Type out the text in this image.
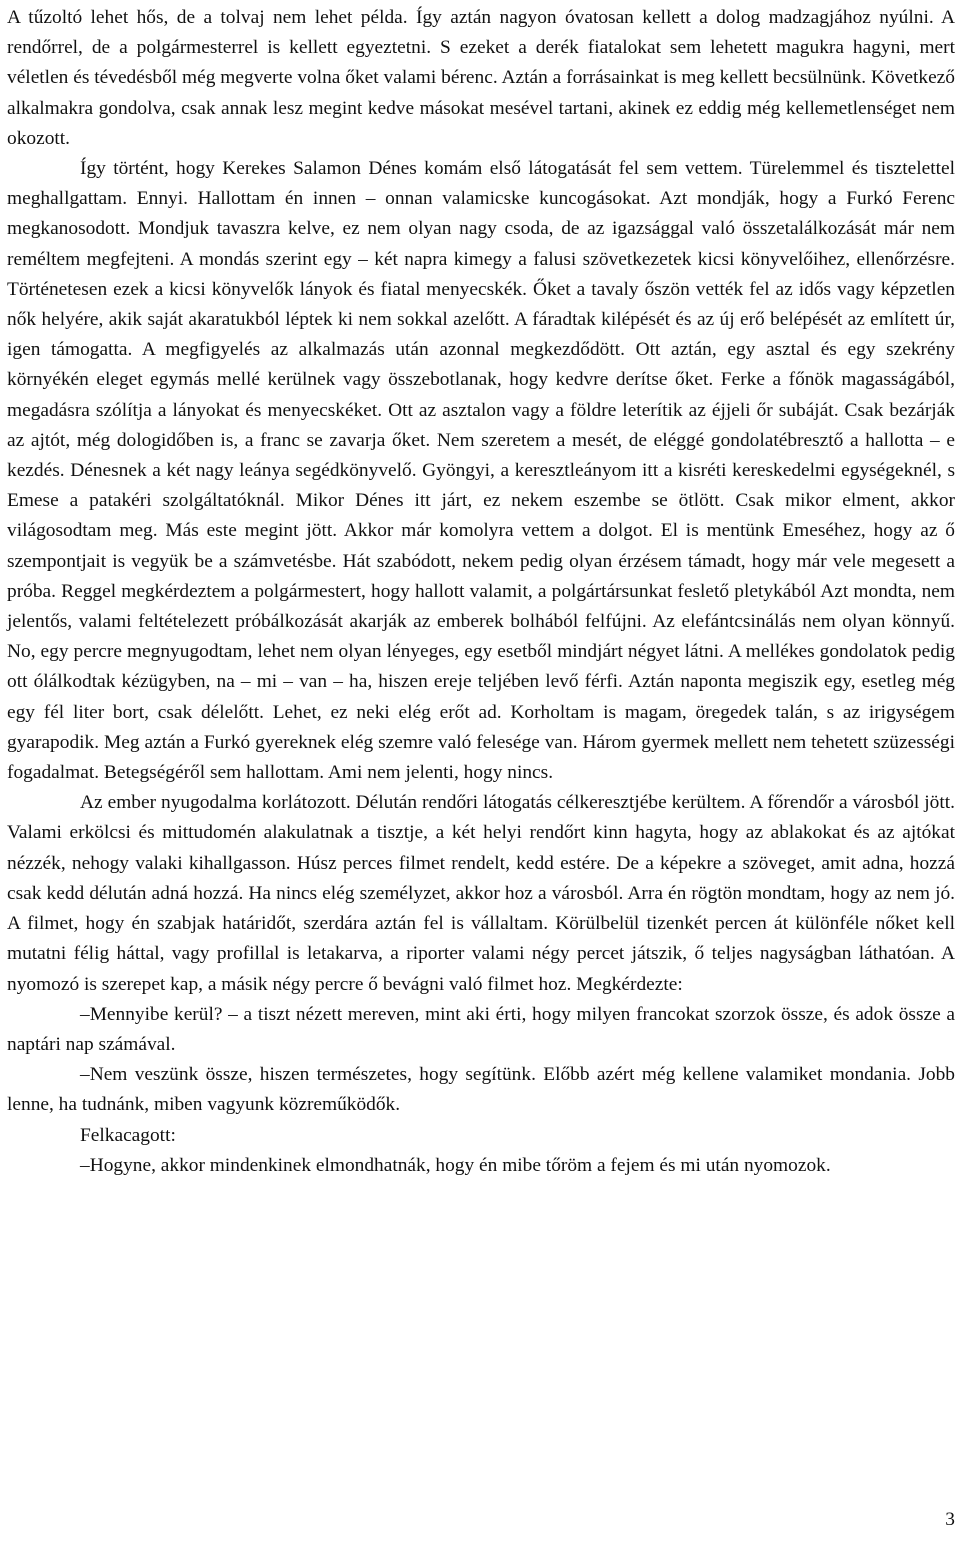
A tűzoltó lehet hős, de a tolvaj nem lehet példa. Így aztán nagyon óvatosan kellett a dolog madzagjához nyúlni. A rendőrrel, de a polgármesterrel is kellett egyeztetni. S ezeket a derék fiatalokat sem lehetett magukra hagyni, mert véletlen és tévedésből még megverte volna őket valami bérenc. Aztán a forrásainkat is meg kellett becsülnünk. Következő alkalmakra gondolva, csak annak lesz megint kedve másokat mesével tartani, akinek ez eddig még kellemetlenséget nem okozott.

Így történt, hogy Kerekes Salamon Dénes komám első látogatását fel sem vettem. Türelemmel és tisztelettel meghallgattam. Ennyi. Hallottam én innen – onnan valamicske kuncogásokat. Azt mondják, hogy a Furkó Ferenc megkanosodott. Mondjuk tavaszra kelve, ez nem olyan nagy csoda, de az igazsággal való összetalálkozását már nem reméltem megfejteni. A mondás szerint egy – két napra kimegy a falusi szövetkezetek kicsi könyvelőihez, ellenőrzésre. Történetesen ezek a kicsi könyvelők lányok és fiatal menyecskék. Őket a tavaly őszön vették fel az idős vagy képzetlen nők helyére, akik saját akaratukból léptek ki nem sokkal azelőtt. A fáradtak kilépését és az új erő belépését az említett úr, igen támogatta. A megfigyelés az alkalmazás után azonnal megkezdődött. Ott aztán, egy asztal és egy szekrény környékén eleget egymás mellé kerülnek vagy összebotlanak, hogy kedvre derítse őket. Ferke a főnök magasságából, megadásra szólítja a lányokat és menyecskéket. Ott az asztalon vagy a földre leterítik az éjjeli őr subáját. Csak bezárják az ajtót, még dologidőben is, a franc se zavarja őket. Nem szeretem a mesét, de eléggé gondolatébresztő a hallotta – e kezdés. Dénesnek a két nagy leánya segédkönyvelő. Gyöngyi, a keresztleányom itt a kisréti kereskedelmi egységeknél, s Emese a patakéri szolgáltatóknál. Mikor Dénes itt járt, ez nekem eszembe se ötlött. Csak mikor elment, akkor világosodtam meg. Más este megint jött. Akkor már komolyra vettem a dolgot. El is mentünk Emeséhez, hogy az ő szempontjait is vegyük be a számvetésbe. Hát szabódott, nekem pedig olyan érzésem támadt, hogy már vele megesett a próba. Reggel megkérdeztem a polgármestert, hogy hallott valamit, a polgártársunkat feslető pletykából Azt mondta, nem jelentős, valami feltételezett próbálkozását akarják az emberek bolhából felfújni. Az elefántcsinálás nem olyan könnyű. No, egy percre megnyugodtam, lehet nem olyan lényeges, egy esetből mindjárt négyet látni. A mellékes gondolatok pedig ott ólálkodtak kézügyben, na – mi – van – ha, hiszen ereje teljében levő férfi. Aztán naponta megiszik egy, esetleg még egy fél liter bort, csak délelőtt. Lehet, ez neki elég erőt ad. Korholtam is magam, öregedek talán, s az irigységem gyarapodik. Meg aztán a Furkó gyereknek elég szemre való felesége van. Három gyermek mellett nem tehetett szüzességi fogadalmat. Betegségéről sem hallottam. Ami nem jelenti, hogy nincs.

Az ember nyugodalma korlátozott. Délután rendőri látogatás célkeresztjébe kerültem. A főrendőr a városból jött. Valami erkölcsi és mittudomén alakulatnak a tisztje, a két helyi rendőrt kinn hagyta, hogy az ablakokat és az ajtókat nézzék, nehogy valaki kihallgasson. Húsz perces filmet rendelt, kedd estére. De a képekre a szöveget, amit adna, hozzá csak kedd délután adná hozzá. Ha nincs elég személyzet, akkor hoz a városból. Arra én rögtön mondtam, hogy az nem jó. A filmet, hogy én szabjak határidőt, szerdára aztán fel is vállaltam. Körülbelül tizenkét percen át különféle nőket kell mutatni félig háttal, vagy profillal is letakarva, a riporter valami négy percet játszik, ő teljes nagyságban láthatóan. A nyomozó is szerepet kap, a másik négy percre ő bevágni való filmet hoz. Megkérdezte:

–Mennyibe kerül? – a tiszt nézett mereven, mint aki érti, hogy milyen francokat szorzok össze, és adok össze a naptári nap számával.

–Nem veszünk össze, hiszen természetes, hogy segítünk. Előbb azért még kellene valamiket mondania. Jobb lenne, ha tudnánk, miben vagyunk közreműködők.

Felkacagott:

–Hogyne, akkor mindenkinek elmondhatnák, hogy én mibe tőröm a fejem és mi után nyomozok.

3
